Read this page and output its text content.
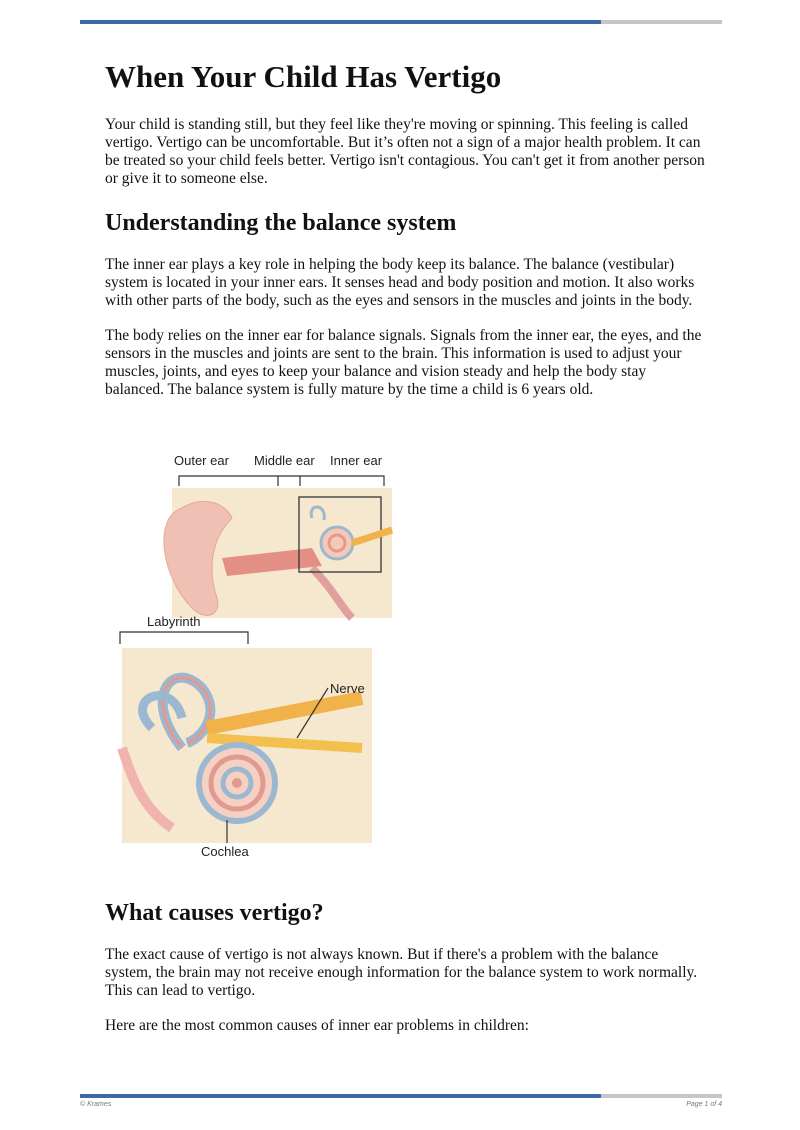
When Your Child Has Vertigo

Your child is standing still, but they feel like they're moving or spinning. This feeling is called vertigo. Vertigo can be uncomfortable. But it’s often not a sign of a major health problem. It can be treated so your child feels better. Vertigo isn't contagious. You can't get it from another person or give it to someone else.

Understanding the balance system

The inner ear plays a key role in helping the body keep its balance. The balance (vestibular) system is located in your inner ears. It senses head and body position and motion. It also works with other parts of the body, such as the eyes and sensors in the muscles and joints in the body.

The body relies on the inner ear for balance signals. Signals from the inner ear, the eyes, and the sensors in the muscles and joints are sent to the brain. This information is used to adjust your muscles, joints, and eyes to keep your balance and vision steady and help the body stay balanced. The balance system is fully mature by the time a child is 6 years old.

Outer ear Middle ear Inner ear
Labyrinth
Nerve
Cochlea
What causes vertigo?

The exact cause of vertigo is not always known. But if there's a problem with the balance system, the brain may not receive enough information for the balance system to work normally. This can lead to vertigo.

Here are the most common causes of inner ear problems in children:

© Krames	Page 1 of 4
